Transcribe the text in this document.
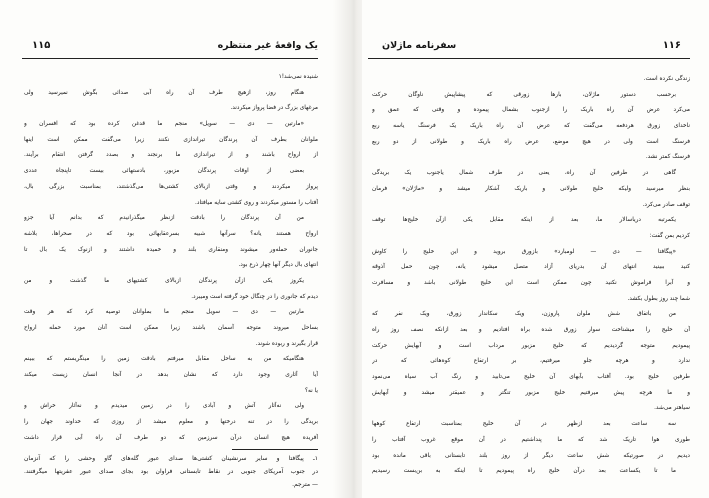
۱۱۵	یک واقعهٔ غیر منتظره
شنیده نمی‌شد!۱
هنگام روز، ازهیچ طرف آن راه آبی صدائی بگوش نمیرسید ولی
مرغهای بزرگ در فضا پرواز میکردند.
«مارتین — دی — سویل» منجم ما قدغن کرده بود که افسران و
ملوانان بطرف آن پرندگان تیراندازی نکنند زیرا می‌گفت ممکن است اینها
از ارواح باشند و از تیراندازی ما برنجند و بصدد گرفتن انتقام برآیند.
بعضی از اوقات پرندگان مزبور، بادستهائی بیست تاپنجاه عددی
پرواز میکردند و وقتی ازبالای کشتی‌ها می‌گذشتند، بمناسبت بزرگی بال،
آفتاب را مستور میکردند و روی کشتی سایه میافتاد.
من آن پرندگان را بادقت ازنظر میگذرانیدم که بدانم آیا جزو
ارواح هستند یانه؟ سرآنها شبیه بسرعقابهائی بود که در صحراها، بلاشه
جانوران حمله‌ور میشوند ومنقاری بلند و خمیده داشتند و ازنوک یک بال تا
انتهای بال دیگر آنها چهار ذرع بود.
یکروز یکی ازآن پرندگان ازبالای کشتیهای ما گذشت و من
دیدم که جانوری را در چنگال خود گرفته است ومیبرد.
مارتین — دی — سویل منجم ما بملوانان توصیه کرد که هر وقت
بساحل میروند متوجه آسمان باشند زیرا ممکن است آنان مورد حمله ارواح
قرار بگیرند و ربوده شوند.
هنگامیکه من به ساحل مقابل میرفتم بادقت زمین را مینگریستم که ببینم
آیا آثاری وجود دارد که نشان بدهد در آنجا انسان زیست میکند
یا نه؟
ولی نه‌آثار آتش و آبادی را در زمین میدیدم و نه‌آثار خراش و
بریدگی را در تنه درختها و معلوم میشد از روزی که خداوند جهان را
آفریده هیچ انسان درآن سرزمین که دو طرف آن راه آبی قرار داشت
۱ـ پیگافتا و سایر سرنشینان کشتی‌ها صدای عبور گله‌های گاو وحشی را که آنزمان
در جنوب آمریکای جنوبی در نقاط تابستانی فراوان بود بجای صدای عبور عفریتها میگرفتند.
— مترجم.
سفرنامه ماژلان	۱۱۶
زندگی نکرده است.
برحسب دستور ماژلان، بارها زورقی که پیشاپیش ناوگان حرکت
می‌کرد عرض آن راه باریک را ازجنوب بشمال پیموده و وقتی که عمق و
ناخدای زورق هردفعه می‌گفت که عرض آن راه باریک یک فرسنگ یاسه ربع
فرسنگ است ولی در هیچ موضع، عرض راه باریک و طولانی از دو ربع
فرسنگ کمتر نشد.
گاهی در طرفین آن راه، یعنی در طرف شمال یاجنوب یک بریدگی
بنظر میرسید ولیکه خلیج طولانی و باریک آشکار میشد و «ماژلان» فرمان
توقف صادر می‌کرد.
یکمرتبه دریاسالار ما، بعد از اینکه مقابل یکی ازآن خلیج‌ها توقف
کردیم بمن گفت:
«پیگافتا — دی — لومبارد» بازورق بروید و این خلیج را کاوش
کنید ببینید انتهای آن بدریای آزاد متصل میشود یانه، چون حمل آذوقه
و آبرا فراموش نکنید چون ممکن است این خلیج طولانی باشد و مسافرت
شما چند روز بطول بکشد.
من باتفاق شش ملوان پاروزن، ویک سکاندار زورق، ویک نفر که
آن خلیج را میشناخت سوار زورق شده براه افتادیم و بعد ازانکه نصف روز راه
پیمودیم متوجه گردیدیم که خلیج مزبور مرداب است و آبهایش حرکت
ندارد و هرچه جلو میرفتیم، بر ارتفاع کوه‌هائی که در
طرفین خلیج بود. آفتاب بآبهای آن خلیج می‌تابید و رنگ آب سیاه می‌نمود
و ما هرچه پیش میرفتیم خلیج مزبور تنگتر و عمیقتر میشد و آبهایش
سیاهتر می‌شد.
سه ساعت بعد ازظهر در آن خلیج بمناسبت ارتفاع کوهها
طوری هوا تاریک شد که ما پنداشتیم در آن موقع غروب آفتاب را
دیدیم در صورتیکه شش ساعت دیگر از روز بلند تابستانی باقی مانده بود
ما تا یکساعت بعد درآن خلیج راه پیمودیم تا اینکه به بن‌بست رسیدیم
